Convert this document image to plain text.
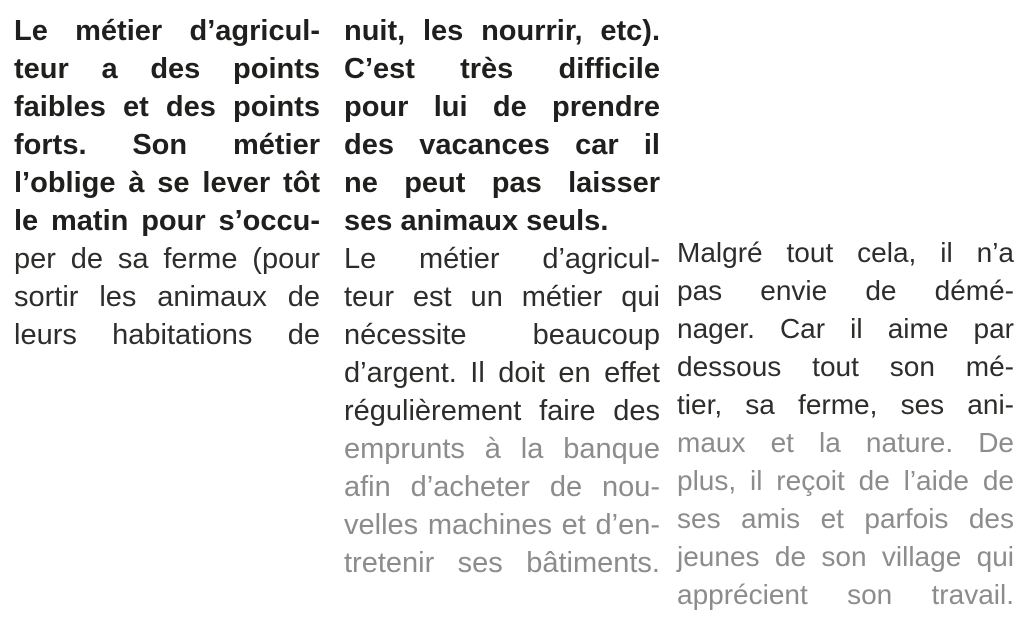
Le métier d’agricul-
teur a des points
faibles et des points
forts. Son métier
l’oblige à se lever tôt
le matin pour s’occu-
per de sa ferme (pour
sortir les animaux de
leurs habitations de
nuit, les nourrir, etc).
C’est très difficile
pour lui de prendre
des vacances car il
ne peut pas laisser
ses animaux seuls.
Le métier d’agricul-
teur est un métier qui
nécessite beaucoup
d’argent. Il doit en effet
régulièrement faire des
emprunts à la banque
afin d’acheter de nou-
velles machines et d’en-
tretenir ses bâtiments.
Malgré tout cela, il n’a
pas envie de démé-
nager. Car il aime par
dessous tout son mé-
tier, sa ferme, ses ani-
maux et la nature. De
plus, il reçoit de l’aide de
ses amis et parfois des
jeunes de son village qui
apprécient son travail.
